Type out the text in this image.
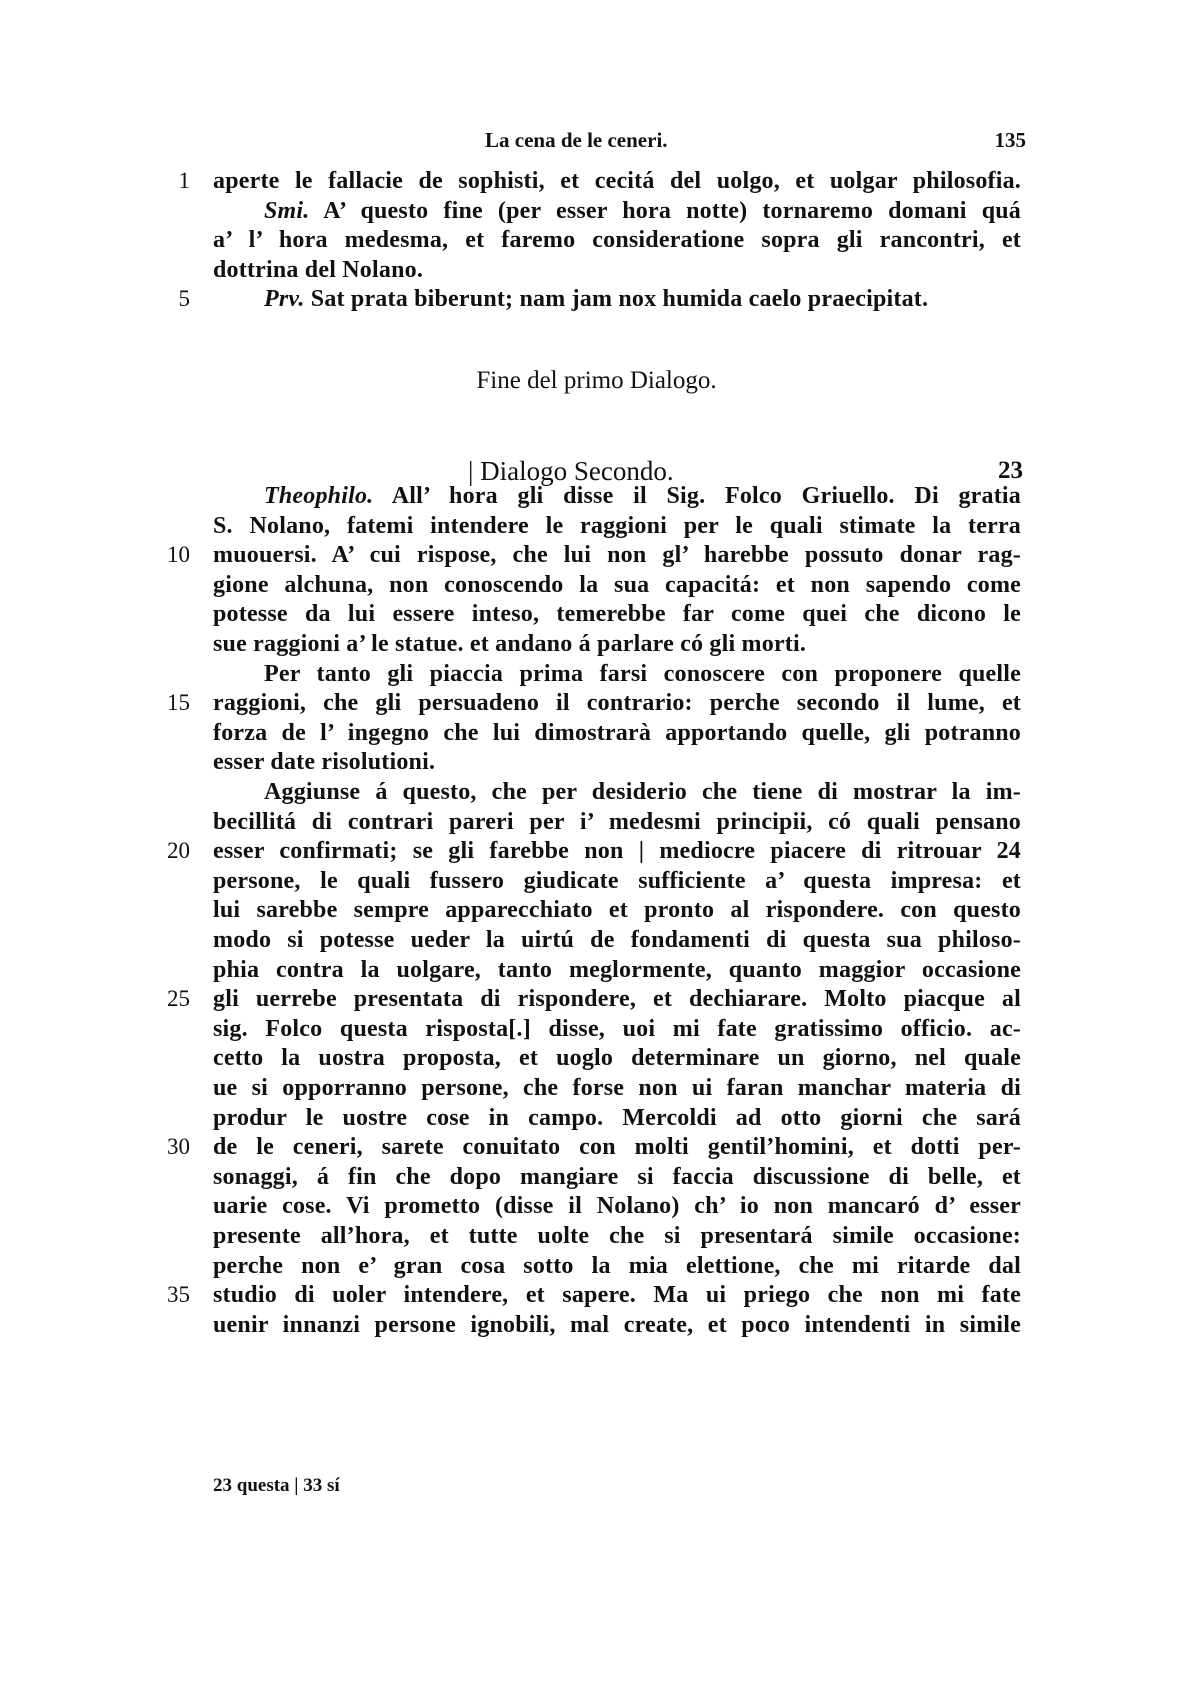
La cena de le ceneri.	135
1 aperte le fallacie de sophisti, et cecitá del uolgo, et uolgar philosofia.
Smi. A’ questo fine (per esser hora notte) tornaremo domani quá
a’ l’ hora medesma, et faremo consideratione sopra gli rancontri, et
dottrina del Nolano.
5	Prv. Sat prata biberunt; nam jam nox humida caelo praecipitat.
Fine del primo Dialogo.
| Dialogo Secondo.	23
Theophilo. All’ hora gli disse il Sig. Folco Griuello. Di gratia
S. Nolano, fatemi intendere le raggioni per le quali stimate la terra
10 muouersi. A’ cui rispose, che lui non gl’ harebbe possuto donar rag-
gione alchuna, non conoscendo la sua capacitá: et non sapendo come
potesse da lui essere inteso, temerebbe far come quei che dicono le
sue raggioni a’ le statue. et andano á parlare có gli morti.
Per tanto gli piaccia prima farsi conoscere con proponere quelle
15 raggioni, che gli persuadeno il contrario: perche secondo il lume, et
forza de l’ ingegno che lui dimostrarà apportando quelle, gli potranno
esser date risolutioni.
Aggiunse á questo, che per desiderio che tiene di mostrar la im-
becillitá di contrari pareri per i’ medesmi principii, có quali pensano
20 esser confirmati; se gli farebbe non | mediocre piacere di ritrouar 24
persone, le quali fussero giudicate sufficiente a’ questa impresa: et
lui sarebbe sempre apparecchiato et pronto al rispondere. con questo
modo si potesse ueder la uirtú de fondamenti di questa sua philoso-
phia contra la uolgare, tanto meglormente, quanto maggior occasione
25 gli uerrebe presentata di rispondere, et dechiarare. Molto piacque al
sig. Folco questa risposta[.] disse, uoi mi fate gratissimo officio. ac-
cetto la uostra proposta, et uoglo determinare un giorno, nel quale
ue si opporranno persone, che forse non ui faran manchar materia di
produr le uostre cose in campo. Mercoldi ad otto giorni che sará
30 de le ceneri, sarete conuitato con molti gentil’homini, et dotti per-
sonaggi, á fin che dopo mangiare si faccia discussione di belle, et
uarie cose. Vi prometto (disse il Nolano) ch’ io non mancaró d’ esser
presente all’hora, et tutte uolte che si presentará simile occasione:
perche non e’ gran cosa sotto la mia elettione, che mi ritarde dal
35 studio di uoler intendere, et sapere. Ma ui priego che non mi fate
uenir innanzi persone ignobili, mal create, et poco intendenti in simile
23 questa | 33 sí
